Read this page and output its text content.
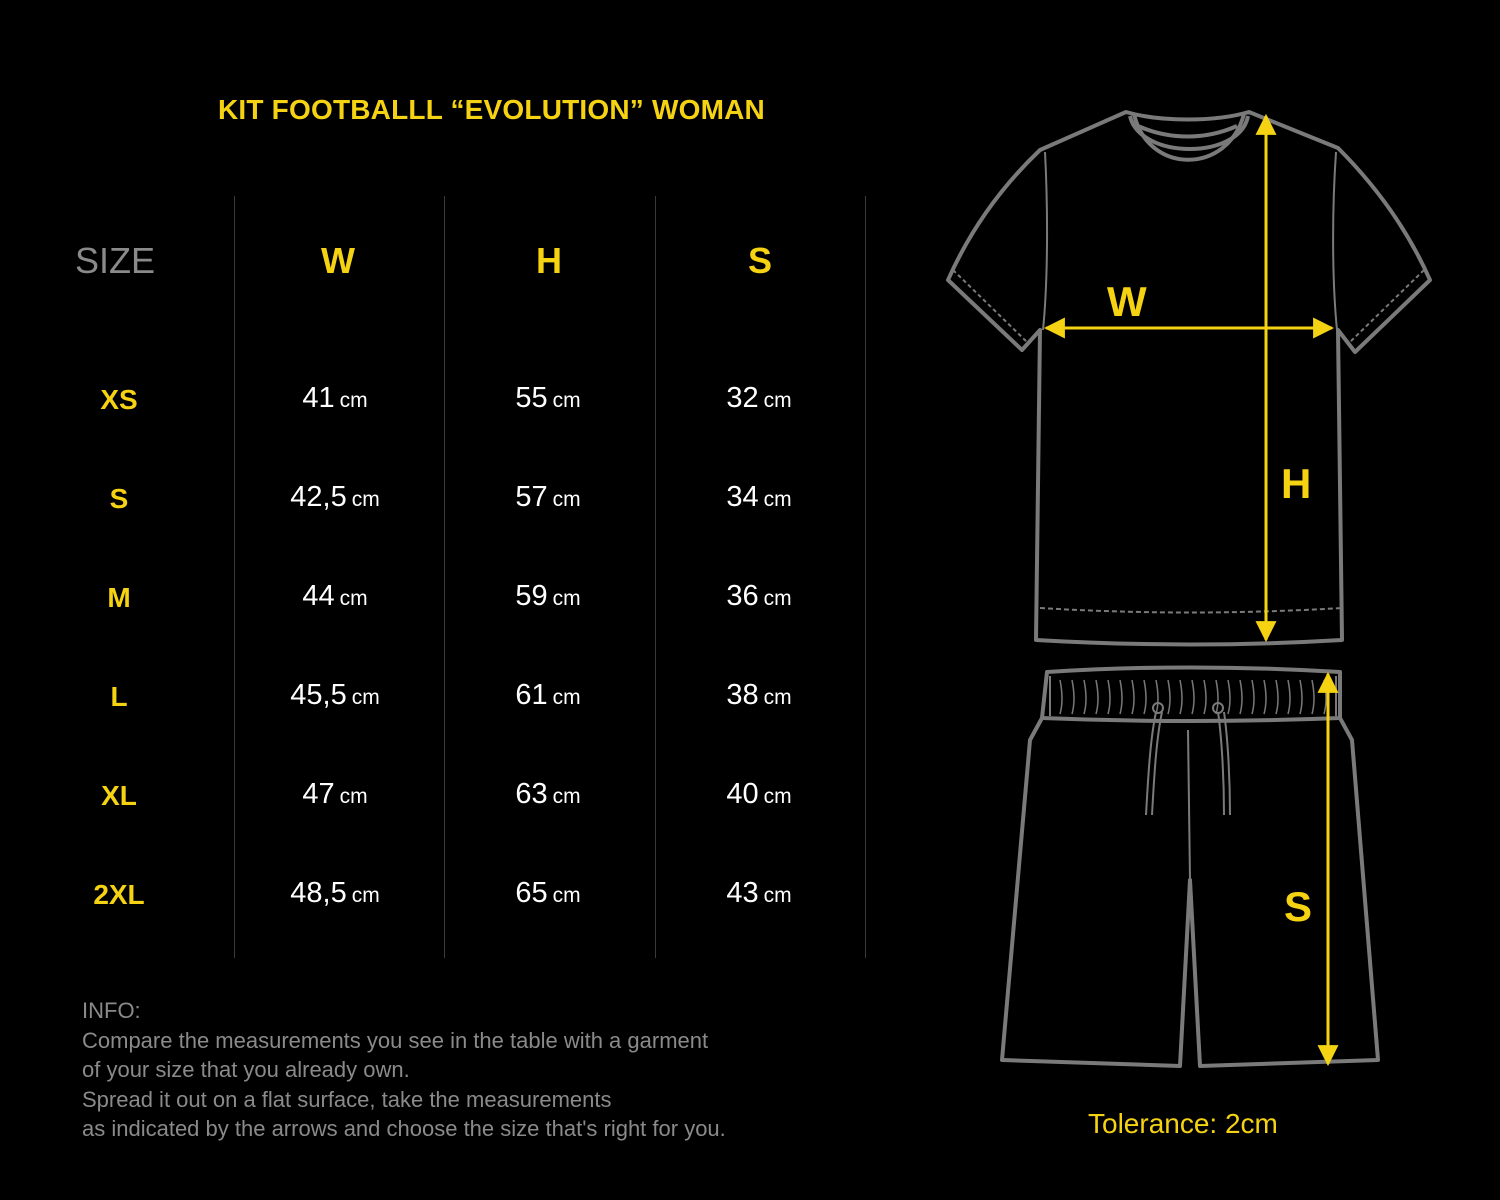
KIT FOOTBALLL “EVOLUTION” WOMAN
SIZE	W	H	S
XS	41 cm	55 cm	32 cm
S	42,5 cm	57 cm	34 cm
M	44 cm	59 cm	36 cm
L	45,5 cm	61 cm	38 cm
XL	47 cm	63 cm	40 cm
2XL	48,5 cm	65 cm	43 cm
INFO:
Compare the measurements you see in the table with a garment
of your size that you already own.
Spread it out on a flat surface, take the measurements
as indicated by the arrows and choose the size that's right for you.
W
H
S
Tolerance: 2cm
